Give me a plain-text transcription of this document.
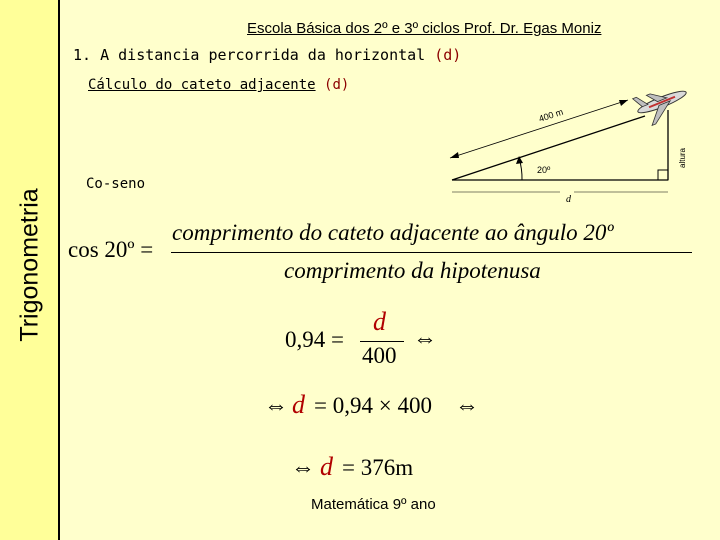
Trigonometria
Escola Básica dos 2º e 3º ciclos Prof. Dr. Egas Moniz
1. A distancia percorrida da horizontal (d)
Cálculo do cateto adjacente (d)
Co-seno
20º
400 m
altura
d
cos 20º =
comprimento do cateto adjacente ao ângulo 20º
comprimento da hipotenusa
0,94 =
d
400
⇔
⇔ d = 0,94 × 400 ⇔
⇔ d = 376m
Matemática 9º ano
